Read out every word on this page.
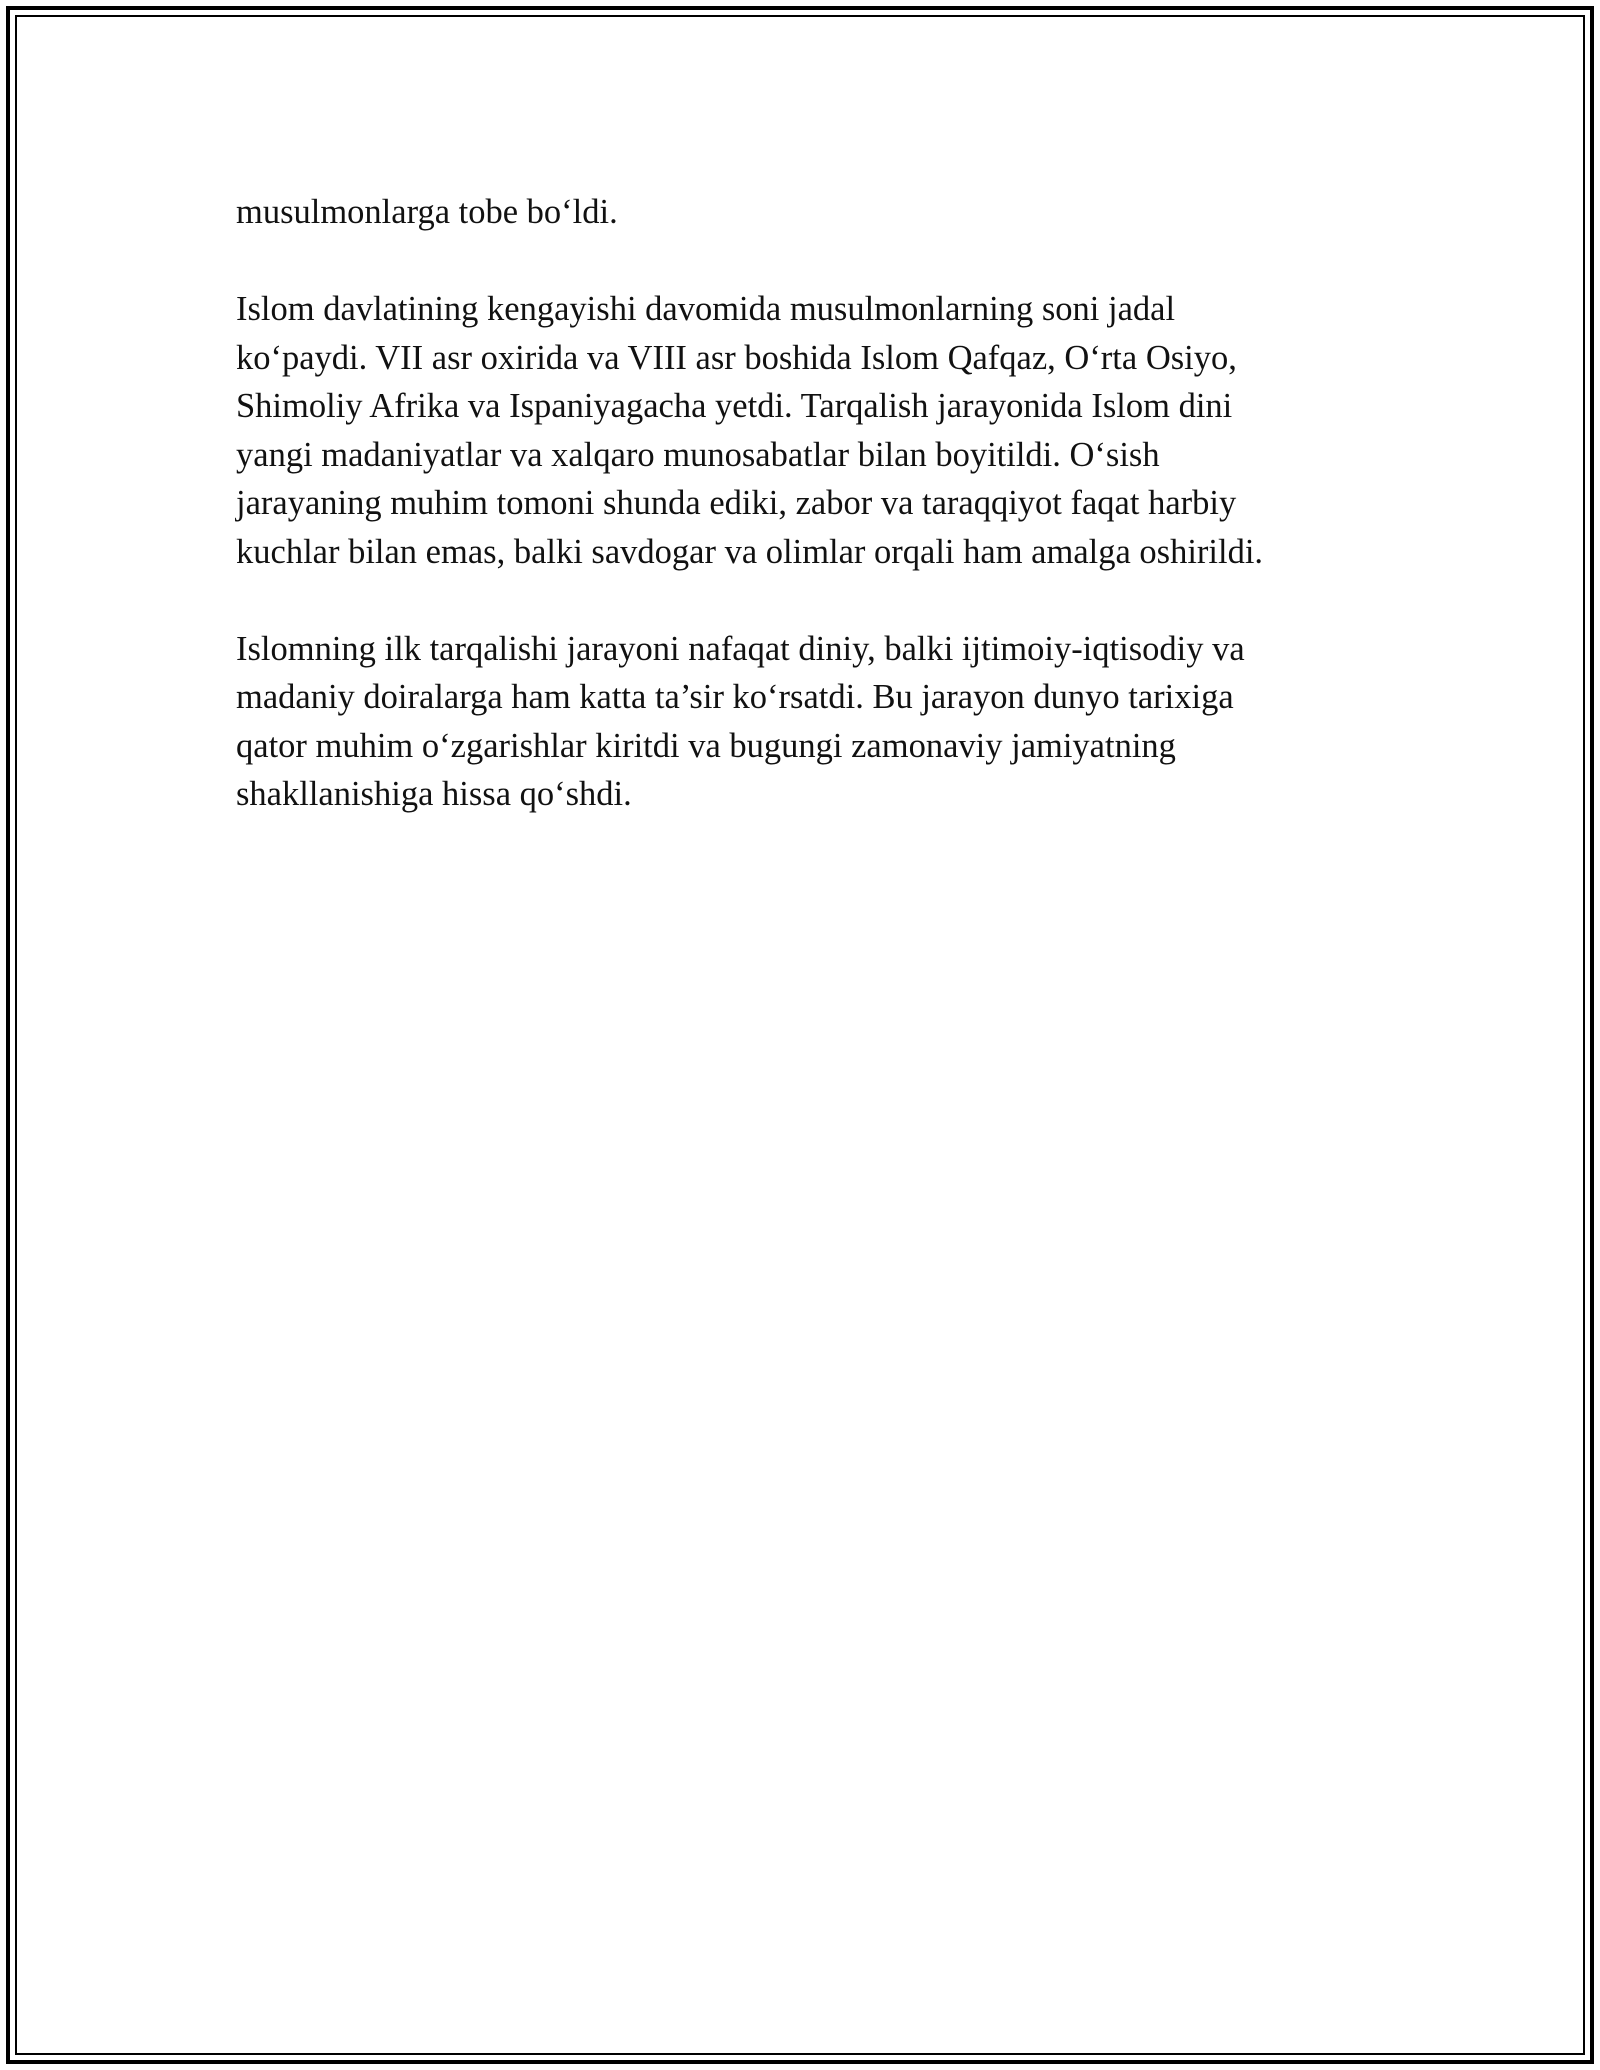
musulmonlarga tobe bo‘ldi.

Islom davlatining kengayishi davomida musulmonlarning soni jadal
ko‘paydi. VII asr oxirida va VIII asr boshida Islom Qafqaz, O‘rta Osiyo,
Shimoliy Afrika va Ispaniyagacha yetdi. Tarqalish jarayonida Islom dini
yangi madaniyatlar va xalqaro munosabatlar bilan boyitildi. O‘sish
jarayaning muhim tomoni shunda ediki, zabor va taraqqiyot faqat harbiy
kuchlar bilan emas, balki savdogar va olimlar orqali ham amalga oshirildi.

Islomning ilk tarqalishi jarayoni nafaqat diniy, balki ijtimoiy-iqtisodiy va
madaniy doiralarga ham katta ta’sir ko‘rsatdi. Bu jarayon dunyo tarixiga
qator muhim o‘zgarishlar kiritdi va bugungi zamonaviy jamiyatning
shakllanishiga hissa qo‘shdi.
